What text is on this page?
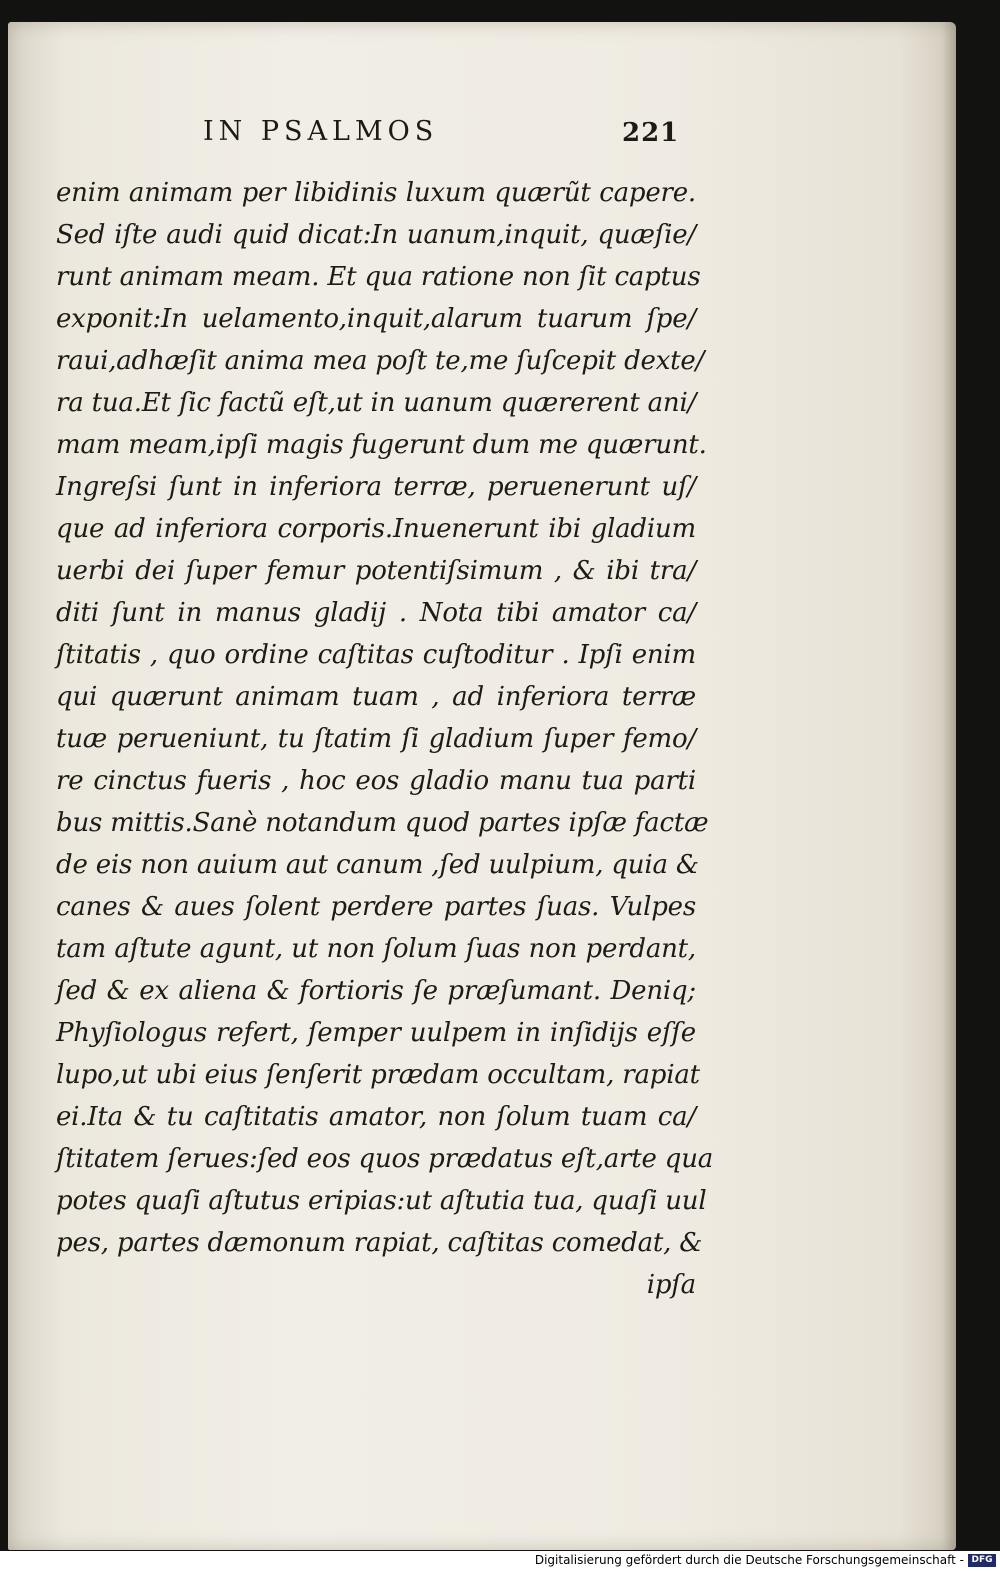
IN PSALMOS	221
enim animam per libidinis luxum quærũt capere.
Sed iſte audi quid dicat:In uanum,inquit, quæſie/
runt animam meam. Et qua ratione non ſit captus
exponit:In uelamento,inquit,alarum tuarum ſpe/
raui,adhæſit anima mea poſt te,me ſuſcepit dexte/
ra tua.Et ſic factũ eſt,ut in uanum quærerent ani/
mam meam,ipſi magis fugerunt dum me quærunt.
Ingreſsi ſunt in inferiora terræ, peruenerunt uſ/
que ad inferiora corporis.Inuenerunt ibi gladium
uerbi dei ſuper femur potentiſsimum , & ibi tra/
diti ſunt in manus gladij . Nota tibi amator ca/
ſtitatis , quo ordine caſtitas cuſtoditur . Ipſi enim
qui quærunt animam tuam , ad inferiora terræ
tuæ perueniunt, tu ſtatim ſi gladium ſuper femo/
re cinctus fueris , hoc eos gladio manu tua parti
bus mittis.Sanè notandum quod partes ipſæ factæ
de eis non auium aut canum ,ſed uulpium, quia &
canes & aues ſolent perdere partes ſuas. Vulpes
tam aſtute agunt, ut non ſolum ſuas non perdant,
ſed & ex aliena & fortioris ſe præſumant. Deniq;
Phyſiologus refert, ſemper uulpem in inſidijs eſſe
lupo,ut ubi eius ſenſerit prædam occultam, rapiat
ei.Ita & tu caſtitatis amator, non ſolum tuam ca/
ſtitatem ſerues:ſed eos quos prædatus eſt,arte qua
potes quaſi aſtutus eripias:ut aſtutia tua, quaſi uul
pes, partes dæmonum rapiat, caſtitas comedat, &
ipſa
Digitalisierung gefördert durch die Deutsche Forschungsgemeinschaft - DFG
